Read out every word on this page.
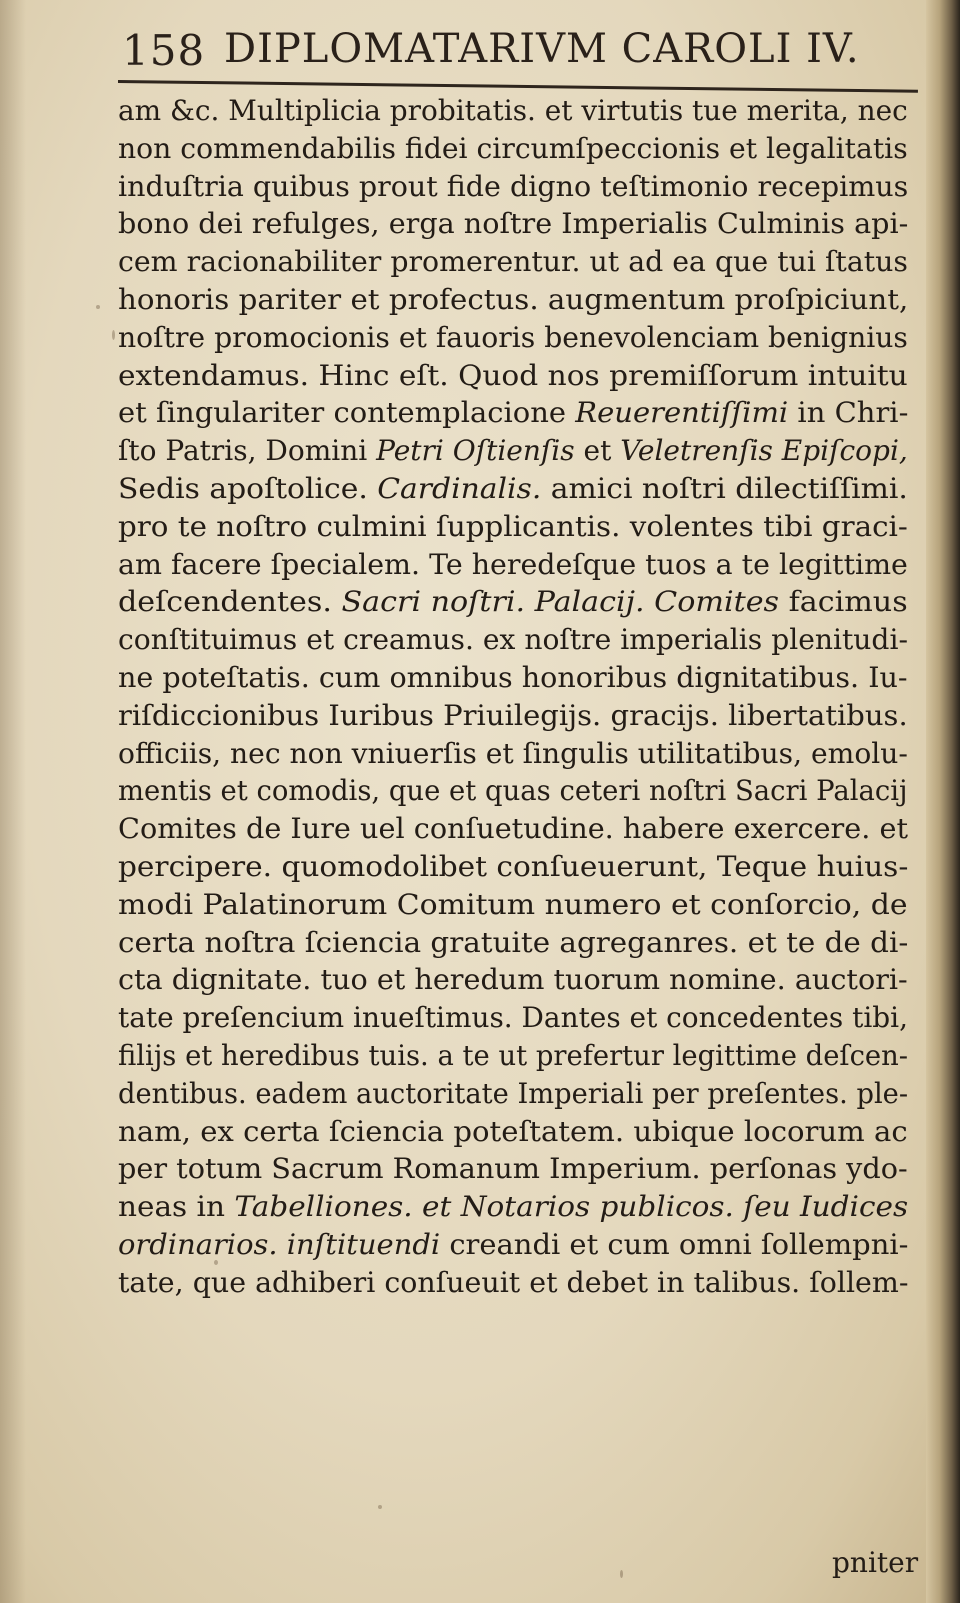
158 DIPLOMATARIVM CAROLI IV.
am &c. Multiplicia probitatis. et virtutis tue merita, nec
non commendabilis fidei circumſpeccionis et legalitatis
induſtria quibus prout fide digno teſtimonio recepimus
bono dei refulges, erga noſtre Imperialis Culminis api-
cem racionabiliter promerentur. ut ad ea que tui ſtatus
honoris pariter et profectus. augmentum proſpiciunt,
noſtre promocionis et fauoris benevolenciam benignius
extendamus. Hinc eſt. Quod nos premiſſorum intuitu
et ſingulariter contemplacione Reuerentiſſimi in Chri-
ſto Patris, Domini Petri Oſtienſis et Veletrenſis Epiſcopi,
Sedis apoſtolice. Cardinalis. amici noſtri dilectiſſimi.
pro te noſtro culmini ſupplicantis. volentes tibi graci-
am facere ſpecialem. Te heredeſque tuos a te legittime
deſcendentes. Sacri noſtri. Palacij. Comites facimus
conſtituimus et creamus. ex noſtre imperialis plenitudi-
ne poteſtatis. cum omnibus honoribus dignitatibus. Iu-
riſdiccionibus Iuribus Priuilegijs. gracijs. libertatibus.
officiis, nec non vniuerſis et ſingulis utilitatibus, emolu-
mentis et comodis, que et quas ceteri noſtri Sacri Palacij
Comites de Iure uel conſuetudine. habere exercere. et
percipere. quomodolibet conſueuerunt, Teque huius-
modi Palatinorum Comitum numero et conſorcio, de
certa noſtra ſciencia gratuite agreganres. et te de di-
cta dignitate. tuo et heredum tuorum nomine. auctori-
tate preſencium inueſtimus. Dantes et concedentes tibi,
filijs et heredibus tuis. a te ut prefertur legittime deſcen-
dentibus. eadem auctoritate Imperiali per preſentes. ple-
nam, ex certa ſciencia poteſtatem. ubique locorum ac
per totum Sacrum Romanum Imperium. perſonas ydo-
neas in Tabelliones. et Notarios publicos. ſeu Iudices
ordinarios. inſtituendi creandi et cum omni ſollempni-
tate, que adhiberi conſueuit et debet in talibus. ſollem-
pniter
